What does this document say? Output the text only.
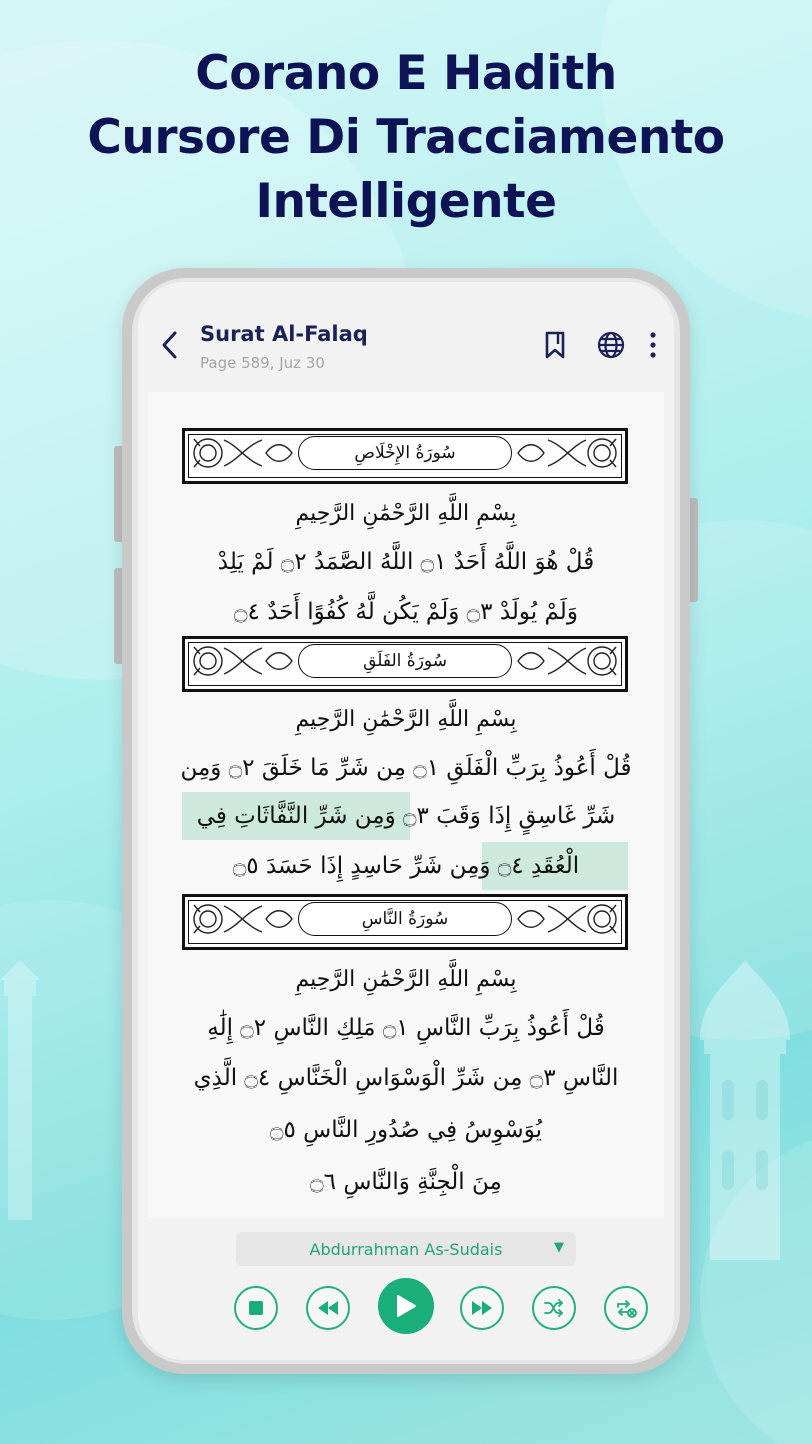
Corano E Hadith
Cursore Di Tracciamento
Intelligente
Surat Al-Falaq
Page 589, Juz 30
سُورَةُ الإِخْلَاصِ
بِسْمِ اللَّهِ الرَّحْمَٰنِ الرَّحِيمِ
قُلْ هُوَ اللَّهُ أَحَدٌ ۝١ اللَّهُ الصَّمَدُ ۝٢ لَمْ يَلِدْ
وَلَمْ يُولَدْ ۝٣ وَلَمْ يَكُن لَّهُ كُفُوًا أَحَدٌ ۝٤
سُورَةُ الفَلَقِ
بِسْمِ اللَّهِ الرَّحْمَٰنِ الرَّحِيمِ
قُلْ أَعُوذُ بِرَبِّ الْفَلَقِ ۝١ مِن شَرِّ مَا خَلَقَ ۝٢ وَمِن
شَرِّ غَاسِقٍ إِذَا وَقَبَ ۝٣ وَمِن شَرِّ النَّفَّاثَاتِ فِي
الْعُقَدِ ۝٤ وَمِن شَرِّ حَاسِدٍ إِذَا حَسَدَ ۝٥
سُورَةُ النَّاسِ
بِسْمِ اللَّهِ الرَّحْمَٰنِ الرَّحِيمِ
قُلْ أَعُوذُ بِرَبِّ النَّاسِ ۝١ مَلِكِ النَّاسِ ۝٢ إِلَٰهِ
النَّاسِ ۝٣ مِن شَرِّ الْوَسْوَاسِ الْخَنَّاسِ ۝٤ الَّذِي
يُوَسْوِسُ فِي صُدُورِ النَّاسِ ۝٥
مِنَ الْجِنَّةِ وَالنَّاسِ ۝٦
Abdurrahman As-Sudais	▼
